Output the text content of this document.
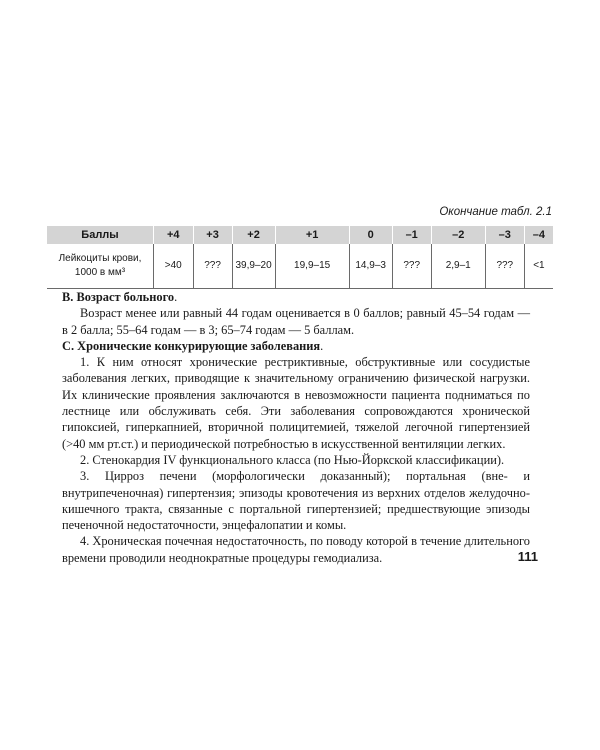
Окончание табл. 2.1
Баллы	+4	+3	+2	+1	0	–1	–2	–3	–4
Лейкоциты крови,
1000 в мм³	>40	???	39,9–20	19,9–15	14,9–3	???	2,9–1	???	<1

B. Возраст больного.

Возраст менее или равный 44 годам оценивается в 0 баллов; равный 45–54 годам — в 2 балла; 55–64 годам — в 3; 65–74 годам — 5 баллам.

C. Хронические конкурирующие заболевания.

1. К ним относят хронические рестриктивные, обструктивные или сосудистые заболевания легких, приводящие к значительному ограничению физической нагрузки. Их клинические проявления заключаются в невозможности пациента подниматься по лестнице или обслуживать себя. Эти заболевания сопровождаются хронической гипоксией, гиперкапнией, вторичной полицитемией, тяжелой легочной гипертензией (>40 мм рт.ст.) и периодической потребностью в искусственной вентиляции легких.

2. Стенокардия IV функционального класса (по Нью-Йоркской классификации).

3. Цирроз печени (морфологически доказанный); портальная (вне- и внутрипеченочная) гипертензия; эпизоды кровотечения из верхних отделов желудочно-кишечного тракта, связанные с портальной гипертензией; предшествующие эпизоды печеночной недостаточности, энцефалопатии и комы.

4. Хроническая почечная недостаточность, по поводу которой в течение длительного времени проводили неоднократные процедуры гемодиализа.	111
